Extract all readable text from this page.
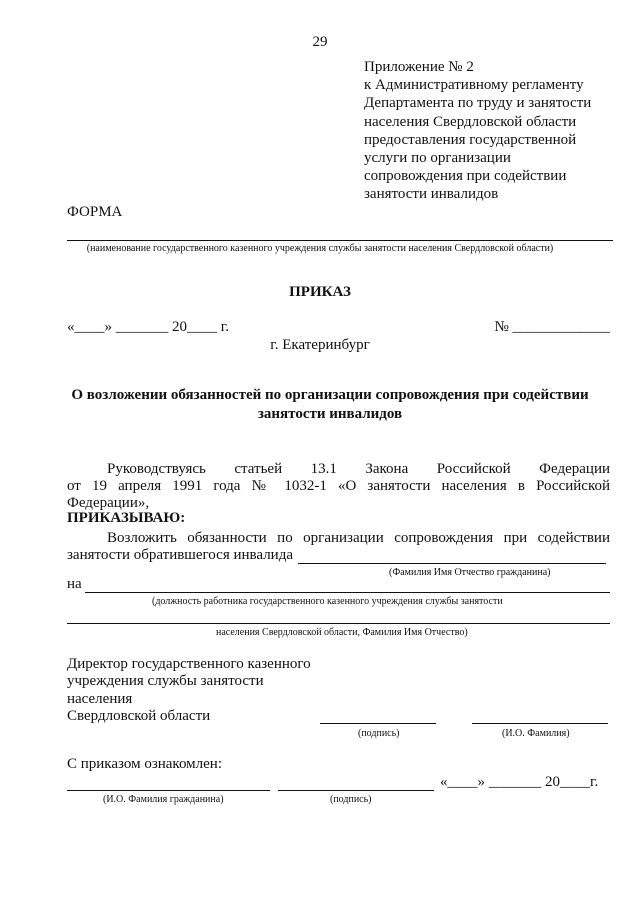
29
Приложение № 2
к Административному регламенту
Департамента по труду и занятости
населения Свердловской области
предоставления государственной
услуги по организации
сопровождения при содействии
занятости инвалидов
ФОРМА
(наименование государственного казенного учреждения службы занятости населения Свердловской области)
ПРИКАЗ
«____» _______ 20____ г.	№ _____________
г. Екатеринбург
О возложении обязанностей по организации сопровождения при содействии
занятости инвалидов
Руководствуясь статьей 13.1 Закона Российской Федерации
от 19 апреля 1991 года № 1032-1 «О занятости населения в Российской
Федерации»,
ПРИКАЗЫВАЮ:
Возложить обязанности по организации сопровождения при содействии
занятости обратившегося инвалида
(Фамилия Имя Отчество гражданина)
на
(должность работника государственного казенного учреждения службы занятости
населения Свердловской области, Фамилия Имя Отчество)
Директор государственного казенного
учреждения службы занятости
населения
Свердловской области
(подпись)	(И.О. Фамилия)
С приказом ознакомлен:
(И.О. Фамилия гражданина)	(подпись)
«____» _______ 20____г.
